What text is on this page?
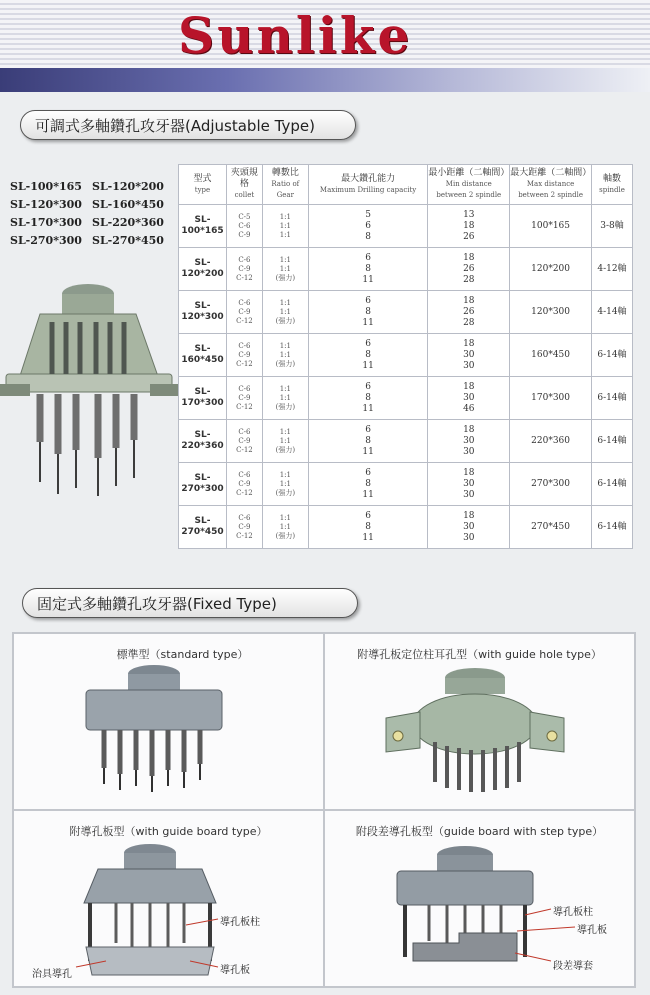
Sunlike
可調式多軸鑽孔攻牙器(Adjustable Type)
SL-100*165 SL-120*200
SL-120*300 SL-160*450
SL-170*300 SL-220*360
SL-270*300 SL-270*450
型式
type	夾頭規格
collet	轉數比
Ratio of Gear	最大鑽孔能力
Maximum Drilling capacity	最小距離（二軸間）
Min distance
between 2 spindle	最大距離（二軸間）
Max distance
between 2 spindle	軸數
spindle

SL-100*165	C-5
C-6
C-9	1:1
1:1
1:1	5
6
8	13
18
26	100*165	3-8軸
SL-120*200	C-6
C-9
C-12	1:1
1:1
(强力)	6
8
11	18
26
28	120*200	4-12軸
SL-120*300	C-6
C-9
C-12	1:1
1:1
(强力)	6
8
11	18
26
28	120*300	4-14軸
SL-160*450	C-6
C-9
C-12	1:1
1:1
(强力)	6
8
11	18
30
30	160*450	6-14軸
SL-170*300	C-6
C-9
C-12	1:1
1:1
(强力)	6
8
11	18
30
46	170*300	6-14軸
SL-220*360	C-6
C-9
C-12	1:1
1:1
(强力)	6
8
11	18
30
30	220*360	6-14軸
SL-270*300	C-6
C-9
C-12	1:1
1:1
(强力)	6
8
11	18
30
30	270*300	6-14軸
SL-270*450	C-6
C-9
C-12	1:1
1:1
(强力)	6
8
11	18
30
30	270*450	6-14軸
固定式多軸鑽孔攻牙器(Fixed Type)
標準型（standard type）	附導孔板定位柱耳孔型（with guide hole type）
附導孔板型（with guide board type）
導孔板柱
治具導孔	導孔板
附段差導孔板型（guide board with step type）
導孔板柱
導孔板
段差導套
